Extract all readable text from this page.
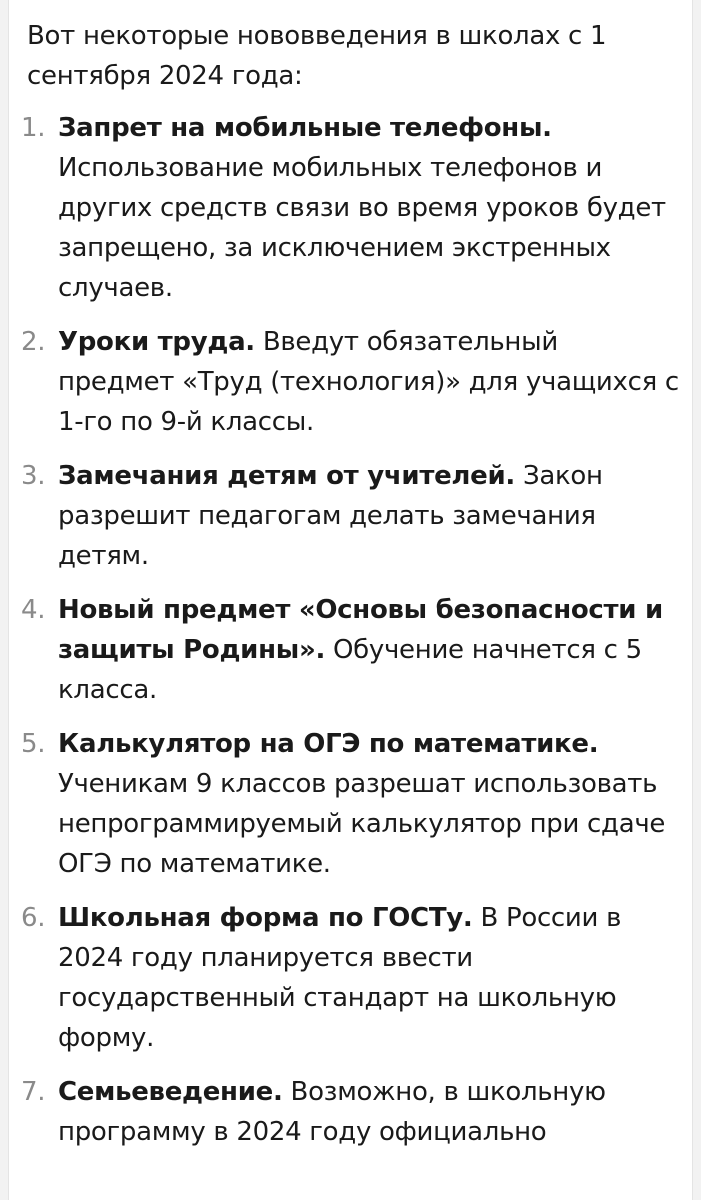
Вот некоторые нововведения в школах с 1 сентября 2024 года:

1. Запрет на мобильные телефоны. Использование мобильных телефонов и других средств связи во время уроков будет запрещено, за исключением экстренных случаев.
2. Уроки труда. Введут обязательный предмет «Труд (технология)» для учащихся с 1-го по 9-й классы.
3. Замечания детям от учителей. Закон разрешит педагогам делать замечания детям.
4. Новый предмет «Основы безопасности и защиты Родины». Обучение начнется с 5 класса.
5. Калькулятор на ОГЭ по математике. Ученикам 9 классов разрешат использовать непрограммируемый калькулятор при сдаче ОГЭ по математике.
6. Школьная форма по ГОСТу. В России в 2024 году планируется ввести государственный стандарт на школьную форму.
7. Семьеведение. Возможно, в школьную программу в 2024 году официально
